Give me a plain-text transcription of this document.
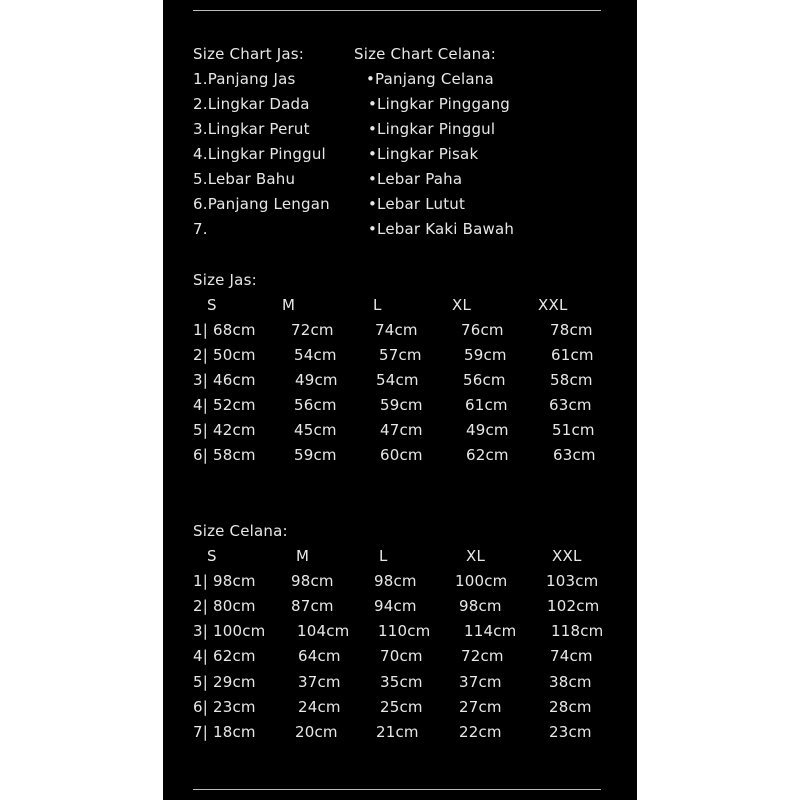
Size Chart Jas:
1.Panjang Jas
2.Lingkar Dada
3.Lingkar Perut
4.Lingkar Pinggul
5.Lebar Bahu
6.Panjang Lengan
7.
Size Chart Celana:
•Panjang Celana
•Lingkar Pinggang
•Lingkar Pinggul
•Lingkar Pisak
•Lebar Paha
•Lebar Lutut
•Lebar Kaki Bawah
Size Jas:
S	M	L	XL	XXL
1| 68cm 72cm	74cm	76cm	78cm
2| 50cm	54cm	57cm	59cm	61cm
3| 46cm	49cm	54cm	56cm	58cm
4| 52cm	56cm	59cm	61cm	63cm
5| 42cm	45cm	47cm	49cm	51cm
6| 58cm	59cm	60cm	62cm	63cm
Size Celana:
S	M	L	XL	XXL
1| 98cm 98cm	98cm	100cm	103cm
2| 80cm 87cm	94cm	98cm	102cm
3| 100cm 104cm 110cm 114cm 118cm
4| 62cm	64cm	70cm	72cm	74cm
5| 29cm	37cm	35cm 37cm	38cm
6| 23cm	24cm	25cm 27cm	28cm
7| 18cm	20cm	21cm	22cm	23cm
